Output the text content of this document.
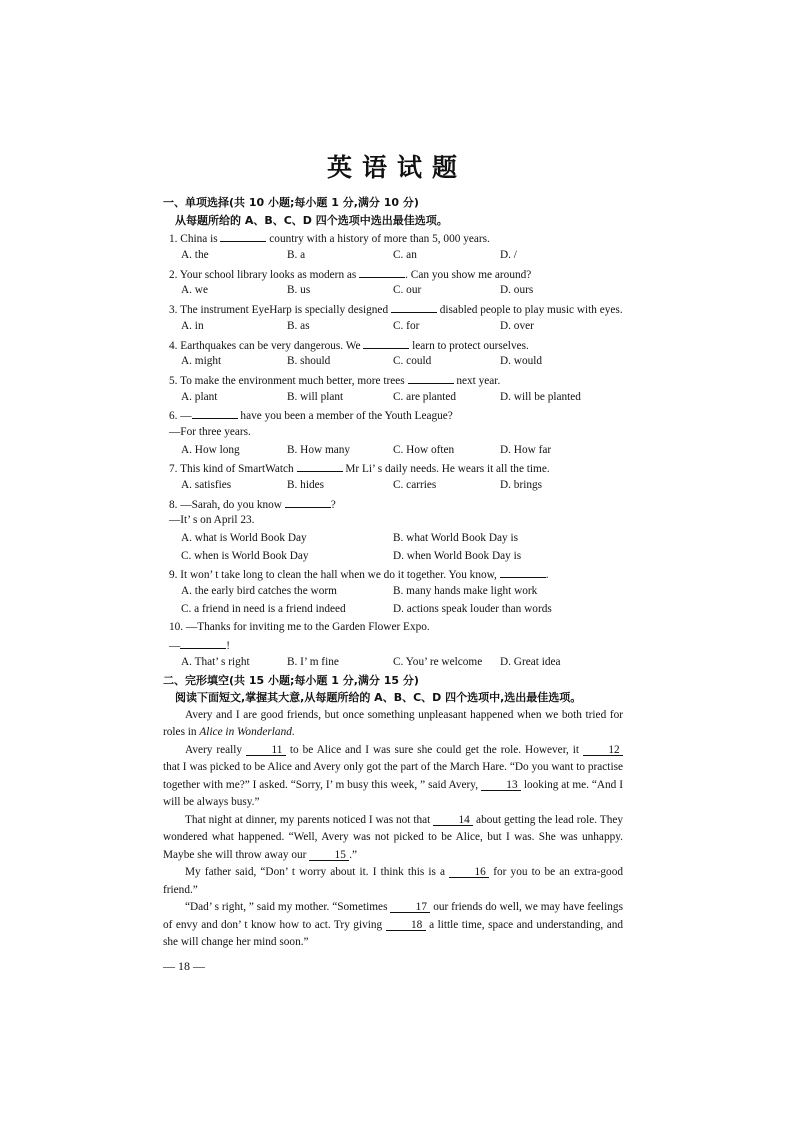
英语试题
一、单项选择(共 10 小题;每小题 1 分,满分 10 分)
从每题所给的 A、B、C、D 四个选项中选出最佳选项。
1. China is	country with a history of more than 5, 000 years.
A. the	B. a	C. an	D. /
2. Your school library looks as modern as	. Can you show me around?
A. we	B. us	C. our	D. ours
3. The instrument EyeHarp is specially designed	disabled people to play music with eyes.
A. in	B. as	C. for	D. over
4. Earthquakes can be very dangerous. We	learn to protect ourselves.
A. might	B. should	C. could	D. would
5. To make the environment much better, more trees	next year.
A. plant	B. will plant	C. are planted	D. will be planted
6. —	have you been a member of the Youth League?
—For three years.
A. How long	B. How many	C. How often	D. How far
7. This kind of SmartWatch	Mr Li’ s daily needs. He wears it all the time.
A. satisfies	B. hides	C. carries	D. brings
8. —Sarah, do you know	?
—It’ s on April 23.
A. what is World Book Day	B. what World Book Day is
C. when is World Book Day	D. when World Book Day is
9. It won’ t take long to clean the hall when we do it together. You know,	.
A. the early bird catches the worm	B. many hands make light work
C. a friend in need is a friend indeed	D. actions speak louder than words
10. —Thanks for inviting me to the Garden Flower Expo.
—	!
A. That’ s right	B. I’ m fine	C. You’ re welcome D. Great idea
二、完形填空(共 15 小题;每小题 1 分,满分 15 分)
阅读下面短文,掌握其大意,从每题所给的 A、B、C、D 四个选项中,选出最佳选项。

Avery and I are good friends, but once something unpleasant happened when we both tried for roles in Alice in Wonderland.

Avery really 11 to be Alice and I was sure she could get the role. However, it 12 that I was picked to be Alice and Avery only got the part of the March Hare. “Do you want to practise together with me?” I asked. “Sorry, I’ m busy this week, ” said Avery, 13 looking at me. “And I will be always busy.”

That night at dinner, my parents noticed I was not that 14 about getting the lead role. They wondered what happened. “Well, Avery was not picked to be Alice, but I was. She was unhappy. Maybe she will throw away our 15 .”

My father said, “Don’ t worry about it. I think this is a 16 for you to be an extra-good friend.”

“Dad’ s right, ” said my mother. “Sometimes 17 our friends do well, we may have feelings of envy and don’ t know how to act. Try giving 18 a little time, space and understanding, and she will change her mind soon.”

— 18 —
